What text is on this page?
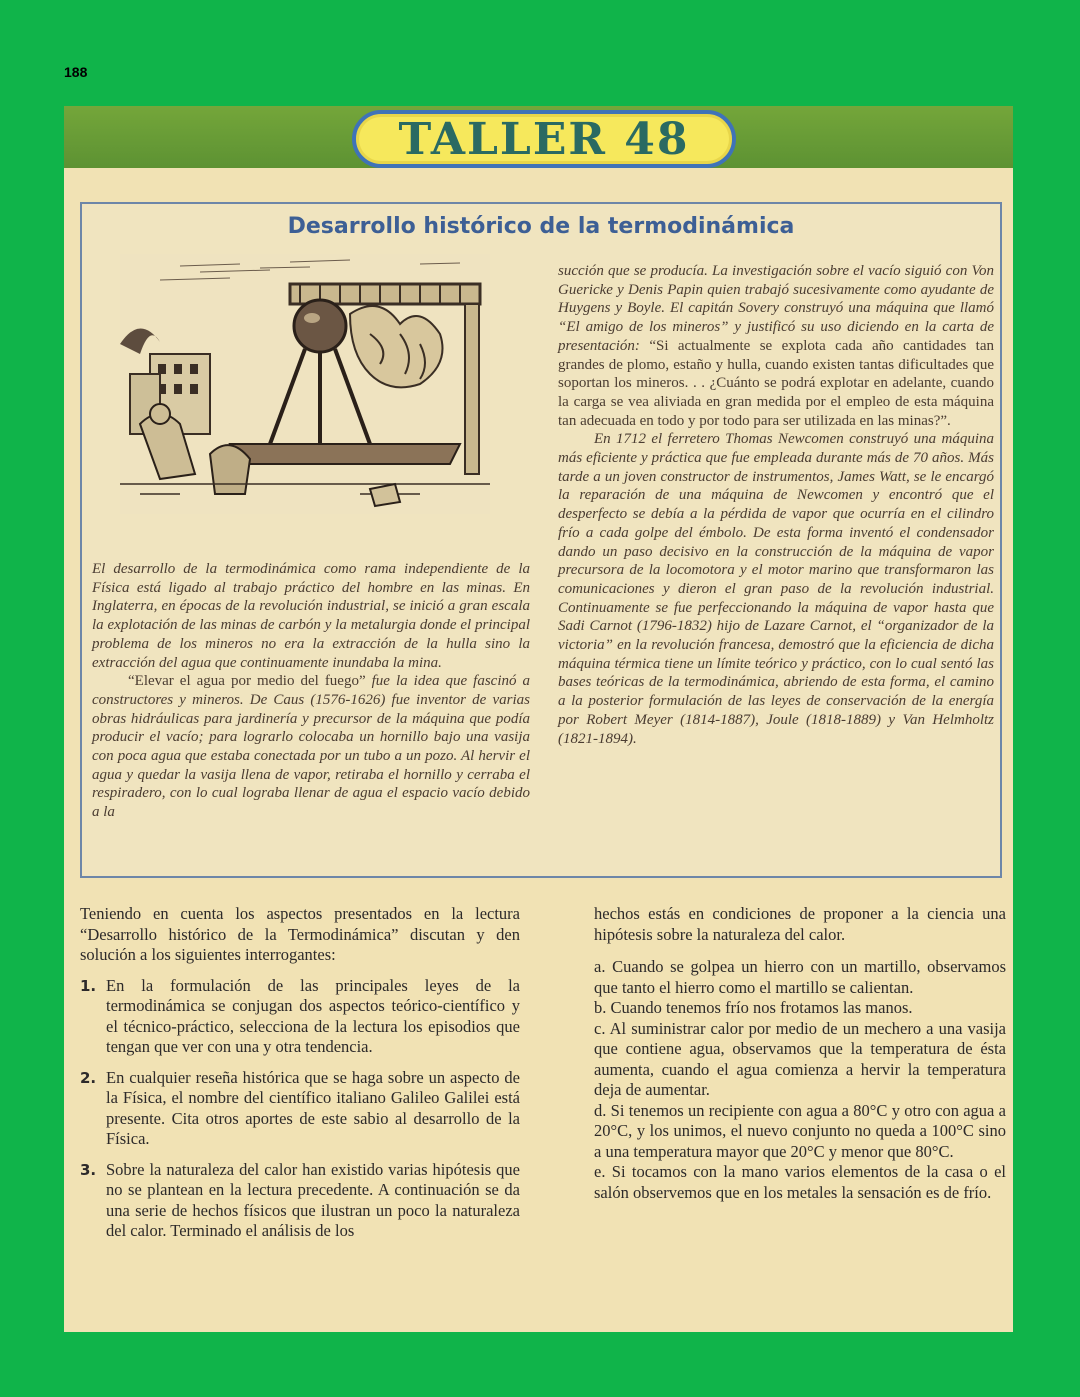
188
TALLER 48
Desarrollo histórico de la termodinámica

El desarrollo de la termodinámica como rama independiente de la Física está ligado al trabajo práctico del hombre en las minas. En Inglaterra, en épocas de la revolución industrial, se inició a gran escala la explotación de las minas de carbón y la metalurgia donde el principal problema de los mineros no era la extracción de la hulla sino la extracción del agua que continuamente inundaba la mina.

“Elevar el agua por medio del fuego” fue la idea que fascinó a constructores y mineros. De Caus (1576-1626) fue inventor de varias obras hidráulicas para jardinería y precursor de la máquina que podía producir el vacío; para lograrlo colocaba un hornillo bajo una vasija con poca agua que estaba conectada por un tubo a un pozo. Al hervir el agua y quedar la vasija llena de vapor, retiraba el hornillo y cerraba el respiradero, con lo cual lograba llenar de agua el espacio vacío debido a la

succión que se producía. La investigación sobre el vacío siguió con Von Guericke y Denis Papin quien trabajó sucesivamente como ayudante de Huygens y Boyle. El capitán Sovery construyó una máquina que llamó “El amigo de los mineros” y justificó su uso diciendo en la carta de presentación: “Si actualmente se explota cada año cantidades tan grandes de plomo, estaño y hulla, cuando existen tantas dificultades que soportan los mineros. . . ¿Cuánto se podrá explotar en adelante, cuando la carga se vea aliviada en gran medida por el empleo de esta máquina tan adecuada en todo y por todo para ser utilizada en las minas?”.

En 1712 el ferretero Thomas Newcomen construyó una máquina más eficiente y práctica que fue empleada durante más de 70 años. Más tarde a un joven constructor de instrumentos, James Watt, se le encargó la reparación de una máquina de Newcomen y encontró que el desperfecto se debía a la pérdida de vapor que ocurría en el cilindro frío a cada golpe del émbolo. De esta forma inventó el condensador dando un paso decisivo en la construcción de la máquina de vapor precursora de la locomotora y el motor marino que transformaron las comunicaciones y dieron el gran paso de la revolución industrial. Continuamente se fue perfeccionando la máquina de vapor hasta que Sadi Carnot (1796-1832) hijo de Lazare Carnot, el “organizador de la victoria” en la revolución francesa, demostró que la eficiencia de dicha máquina térmica tiene un límite teórico y práctico, con lo cual sentó las bases teóricas de la termodinámica, abriendo de esta forma, el camino a la posterior formulación de las leyes de conservación de la energía por Robert Meyer (1814-1887), Joule (1818-1889) y Van Helmholtz (1821-1894).

Teniendo en cuenta los aspectos presentados en la lectura “Desarrollo histórico de la Termodinámica” discutan y den solución a los siguientes interrogantes:

1. En la formulación de las principales leyes de la termodinámica se conjugan dos aspectos teórico-científico y el técnico-práctico, selecciona de la lectura los episodios que tengan que ver con una y otra tendencia.
2. En cualquier reseña histórica que se haga sobre un aspecto de la Física, el nombre del científico italiano Galileo Galilei está presente. Cita otros aportes de este sabio al desarrollo de la Física.
3. Sobre la naturaleza del calor han existido varias hipótesis que no se plantean en la lectura precedente. A continuación se da una serie de hechos físicos que ilustran un poco la naturaleza del calor. Terminado el análisis de los

hechos estás en condiciones de proponer a la ciencia una hipótesis sobre la naturaleza del calor.

a. Cuando se golpea un hierro con un martillo, observamos que tanto el hierro como el martillo se calientan.

b. Cuando tenemos frío nos frotamos las manos.

c. Al suministrar calor por medio de un mechero a una vasija que contiene agua, observamos que la temperatura de ésta aumenta, cuando el agua comienza a hervir la temperatura deja de aumentar.

d. Si tenemos un recipiente con agua a 80°C y otro con agua a 20°C, y los unimos, el nuevo conjunto no queda a 100°C sino a una temperatura mayor que 20°C y menor que 80°C.

e. Si tocamos con la mano varios elementos de la casa o el salón observemos que en los metales la sensación es de frío.
